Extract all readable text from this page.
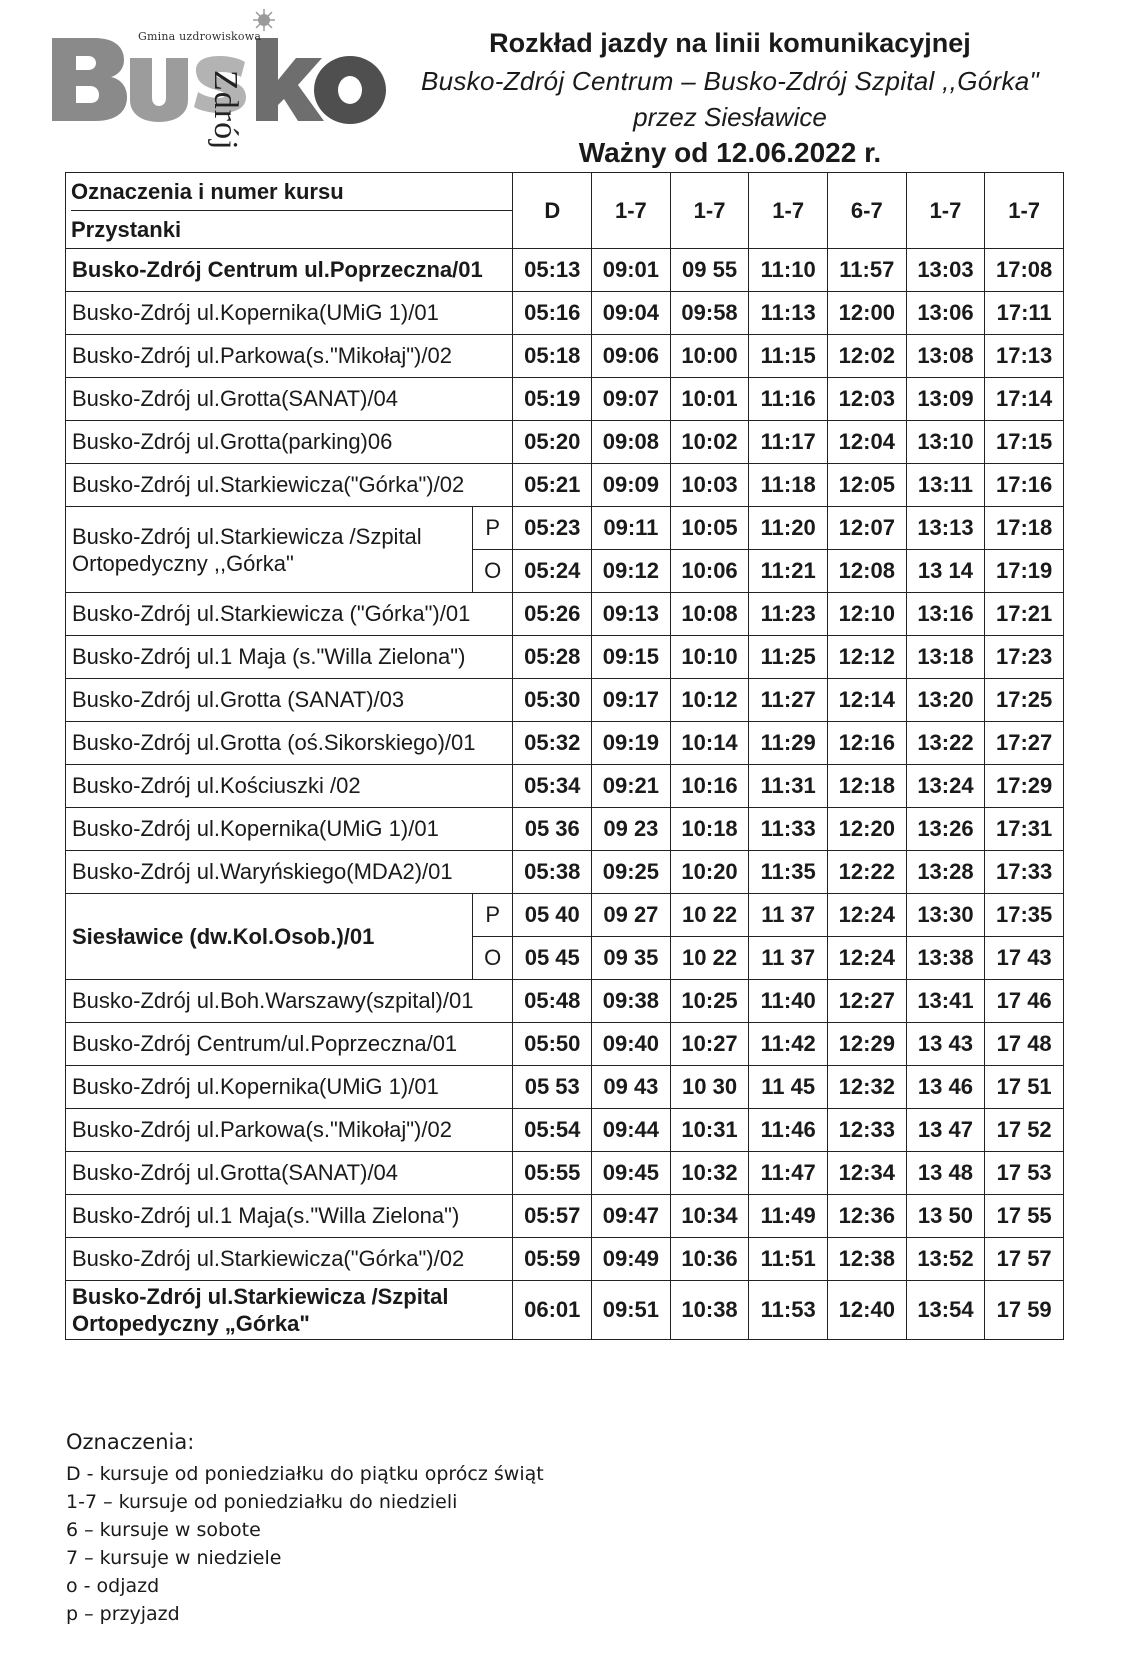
Gmina uzdrowiskowa
Zdrój
Rozkład jazdy na linii komunikacyjnej
Busko-Zdrój Centrum – Busko-Zdrój Szpital ,,Górka"
przez Siesławice
Ważny od 12.06.2022 r.
Oznaczenia i numer kursu
Przystanki		D	1-7	1-7	1-7	6-7	1-7	1-7
Busko-Zdrój Centrum ul.Poprzeczna/01		05:13	09:01	09 55	11:10	11:57	13:03	17:08
Busko-Zdrój ul.Kopernika(UMiG 1)/01		05:16	09:04	09:58	11:13	12:00	13:06	17:11
Busko-Zdrój ul.Parkowa(s."Mikołaj")/02		05:18	09:06	10:00	11:15	12:02	13:08	17:13
Busko-Zdrój ul.Grotta(SANAT)/04		05:19	09:07	10:01	11:16	12:03	13:09	17:14
Busko-Zdrój ul.Grotta(parking)06		05:20	09:08	10:02	11:17	12:04	13:10	17:15
Busko-Zdrój ul.Starkiewicza("Górka")/02		05:21	09:09	10:03	11:18	12:05	13:11	17:16
Busko-Zdrój ul.Starkiewicza /Szpital Ortopedyczny ,,Górka"	P	05:23	09:11	10:05	11:20	12:07	13:13	17:18
	O	05:24	09:12	10:06	11:21	12:08	13 14	17:19
Busko-Zdrój ul.Starkiewicza ("Górka")/01		05:26	09:13	10:08	11:23	12:10	13:16	17:21
Busko-Zdrój ul.1 Maja (s."Willa Zielona")		05:28	09:15	10:10	11:25	12:12	13:18	17:23
Busko-Zdrój ul.Grotta (SANAT)/03		05:30	09:17	10:12	11:27	12:14	13:20	17:25
Busko-Zdrój ul.Grotta (oś.Sikorskiego)/01		05:32	09:19	10:14	11:29	12:16	13:22	17:27
Busko-Zdrój ul.Kościuszki /02		05:34	09:21	10:16	11:31	12:18	13:24	17:29
Busko-Zdrój ul.Kopernika(UMiG 1)/01		05 36	09 23	10:18	11:33	12:20	13:26	17:31
Busko-Zdrój ul.Waryńskiego(MDA2)/01		05:38	09:25	10:20	11:35	12:22	13:28	17:33
Siesławice (dw.Kol.Osob.)/01	P	05 40	09 27	10 22	11 37	12:24	13:30	17:35
	O	05 45	09 35	10 22	11 37	12:24	13:38	17 43
Busko-Zdrój ul.Boh.Warszawy(szpital)/01		05:48	09:38	10:25	11:40	12:27	13:41	17 46
Busko-Zdrój Centrum/ul.Poprzeczna/01		05:50	09:40	10:27	11:42	12:29	13 43	17 48
Busko-Zdrój ul.Kopernika(UMiG 1)/01		05 53	09 43	10 30	11 45	12:32	13 46	17 51
Busko-Zdrój ul.Parkowa(s."Mikołaj")/02		05:54	09:44	10:31	11:46	12:33	13 47	17 52
Busko-Zdrój ul.Grotta(SANAT)/04		05:55	09:45	10:32	11:47	12:34	13 48	17 53
Busko-Zdrój ul.1 Maja(s."Willa Zielona")		05:57	09:47	10:34	11:49	12:36	13 50	17 55
Busko-Zdrój ul.Starkiewicza("Górka")/02		05:59	09:49	10:36	11:51	12:38	13:52	17 57
Busko-Zdrój ul.Starkiewicza /Szpital Ortopedyczny „Górka"		06:01	09:51	10:38	11:53	12:40	13:54	17 59
Oznaczenia:
D - kursuje od poniedziałku do piątku oprócz świąt
1-7 – kursuje od poniedziałku do niedzieli
6 – kursuje w sobote
7 – kursuje w niedziele
o - odjazd
p – przyjazd
